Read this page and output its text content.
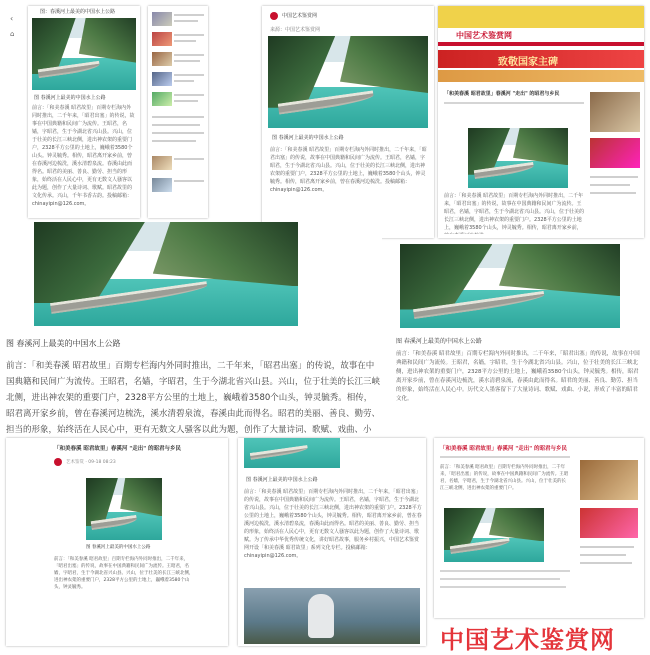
图：春溪河上最美的中国水上公路
图 春溪河上最美的中国水上公路
前言：「和美春溪 昭君故里」百期专栏海内外同时推出，二千年来，「昭君出塞」的传说，故事在中国典籍和民间广为流传。王昭君，名嫱，字昭君，生于今湖北省兴山县。兴山，位于壮美的长江三峡北侧，进出神农架的重要门户，2328平方公里的土地上，巍峨着3580个山头。钟灵毓秀。相传，昭君离开家乡前，曾在春溪河边梳洗，溪水清碧泉流。春溪由此而得名。昭君的美丽、善良、勤劳、担当的形象，始终活在人民心中，更有无数文人骚客以此为题，创作了大量诗词、歌赋。昭君故里的文化传承。兴山，千年书香古韵。投稿邮箱：chinayipin@126.com。
‹
⌂
中国艺术鉴赏网
来源：中国艺术鉴赏网
图 春溪河上最美的中国水上公路
前言：「和美春溪 昭君故里」百期专栏海内外同时推出，二千年来，「昭君出塞」的传说，故事在中国典籍和民间广为流传。王昭君，名嫱，字昭君，生于今湖北省兴山县。兴山，位于壮美的长江三峡北侧，进出神农架的重要门户，2328平方公里的土地上，巍峨着3580个山头，钟灵毓秀。相传，昭君离开家乡前，曾在春溪河边梳洗。投稿邮箱：chinayipin@126.com。
中国艺术鉴赏网
致敬国家主碑
「和美春溪 昭君故里」春溪河 "走出" 的昭君与乡民
前言：「和美春溪 昭君故里」百期专栏海内外同时推出，二千年来，「昭君出塞」的传说，故事在中国典籍和民间广为流传。王昭君，名嫱，字昭君，生于今湖北省兴山县。兴山，位于壮美的长江三峡北侧，进出神农架的重要门户。2328平方公里的土地上，巍峨着3580个山头，钟灵毓秀。相传，昭君离开家乡前，
图 春溪河上最美的中国水上公路
前言：「和美春溪 昭君故里」百期专栏海内外同时推出，二千年来，「昭君出塞」的传说，故事在中国典籍和民间广为流传。王昭君，名嫱，字昭君，生于今湖北省兴山县。兴山，位于壮美的长江三峡北侧，进出神农架的重要门户，2328平方公里的土地上，巍峨着3580个山头，钟灵毓秀。相传，昭君离开家乡前，曾在春溪河边梳洗，溪水清碧泉流，春溪由此而得名。昭君的美丽、善良、勤劳、担当的形象，始终活在人民心中，更有无数文人骚客以此为题，创作了大量诗词、歌赋、戏曲、小
图 春溪河上最美的中国水上公路
前言：「和美春溪 昭君故里」百期专栏海内外同时推出，二千年来，「昭君出塞」的传说，故事在中国典籍和民间广为流传。王昭君，名嫱，字昭君，生于今湖北省兴山县。兴山，位于壮美的长江三峡北侧，进出神农架的重要门户，2328平方公里的土地上，巍峨着3580个山头，钟灵毓秀。相传，昭君离开家乡前，曾在春溪河边梳洗，溪水清碧泉流，春溪由此而得名。昭君的美丽、善良、勤劳、担当的形象，始终活在人民心中。历代文人墨客留下了大量诗词、歌赋、戏曲、小说，形成了丰富的昭君文化。
「和美春溪 昭君故里」春溪河 "走出" 的昭君与乡民
艺术鉴赏 · 09-18 08:23
图 春溪河上最美的中国水上公路
前言：「和美春溪 昭君故里」百期专栏海内外同时推出，二千年来，「昭君出塞」的传说，故事在中国典籍和民间广为流传。王昭君，名嫱，字昭君，生于今湖北省兴山县。兴山，位于壮美的长江三峡北侧，进出神农架的重要门户，2328平方公里的土地上，巍峨着3580个山头，钟灵毓秀。
图 春溪河上最美的中国水上公路
前言：「和美春溪 昭君故里」百期专栏海内外同时推出，二千年来，「昭君出塞」的传说，故事在中国典籍和民间广为流传。王昭君，名嫱，字昭君，生于今湖北省兴山县。兴山，位于壮美的长江三峡北侧，进出神农架的重要门户。2328平方公里的土地上，巍峨着3580个山头，钟灵毓秀。相传，昭君离开家乡前，曾在春溪河边梳洗，溪水清碧泉流，春溪由此而得名。昭君的美丽、善良、勤劳、担当的形象，始终活在人民心中，更有无数文人骚客以此为题，创作了大量诗词、歌赋。为了传承中华优秀传统文化，讲好昭君故事，服务乡村振兴，中国艺术鉴赏网开设「和美春溪 昭君故里」系列文化专栏。投稿邮箱：chinayipin@126.com。
「和美春溪 昭君故里」春溪河 "走出" 的昭君与乡民
前言：「和美春溪 昭君故里」百期专栏海内外同时推出，二千年来，「昭君出塞」的传说，故事在中国典籍和民间广为流传。王昭君，名嫱，字昭君，生于今湖北省兴山县。兴山，位于壮美的长江三峡北侧，进出神农架的重要门户。
中国艺术鉴赏网
